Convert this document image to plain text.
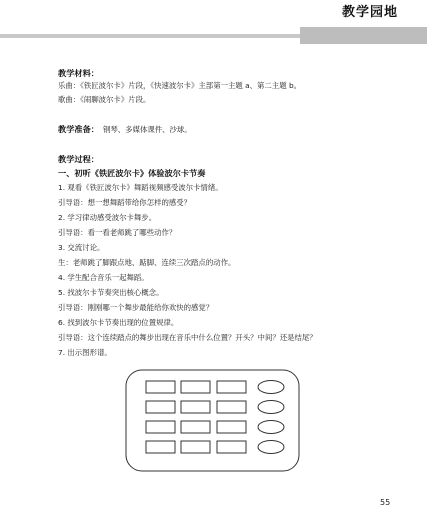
教学园地
教学材料：
乐曲：《铁匠波尔卡》片段，《快速波尔卡》主部第一主题 a、第二主题 b。
歌曲：《闹聊波尔卡》片段。
教学准备： 钢琴、多媒体课件、沙球。
教学过程：
一、初听《铁匠波尔卡》体验波尔卡节奏
1. 观看《铁匠波尔卡》舞蹈视频感受波尔卡情绪。
引导语：想一想舞蹈带给你怎样的感受？
2. 学习律动感受波尔卡舞步。
引导语：看一看老师跳了哪些动作？
3. 交流讨论。
生：老师跳了脚跟点地、踮脚、连续三次踏点的动作。
4. 学生配合音乐一起舞蹈。
5. 找波尔卡节奏突出核心概念。
引导语：刚刚哪一个舞步最能给你欢快的感觉？
6. 找到波尔卡节奏出现的位置规律。
引导语：这个连续踏点的舞步出现在音乐中什么位置？开头？中间？还是结尾？
7. 出示图形谱。
55
